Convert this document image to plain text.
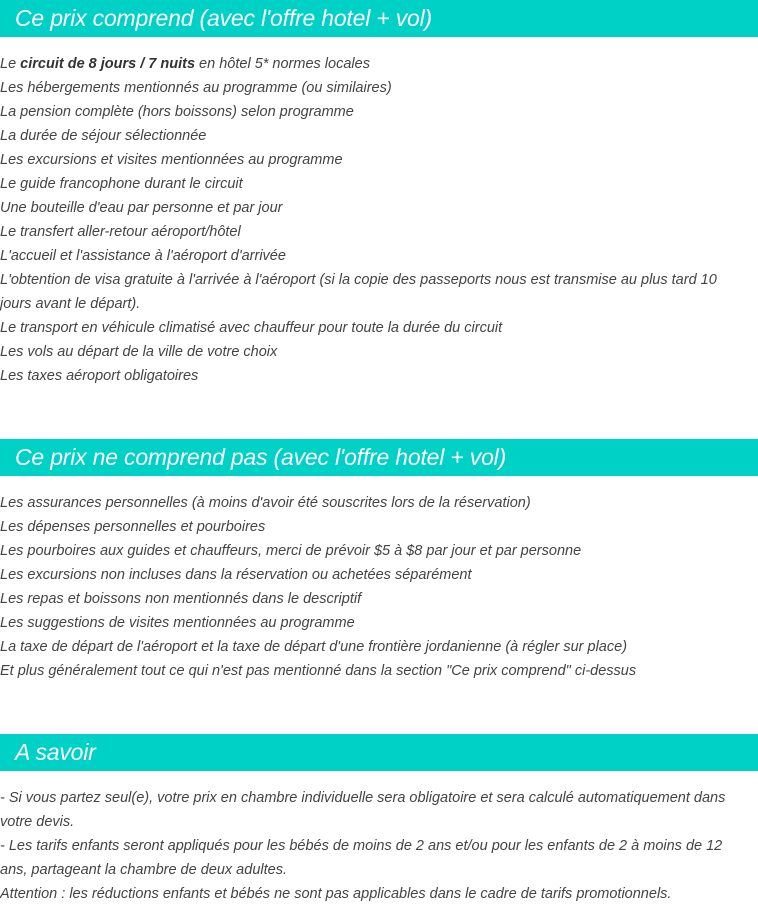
Ce prix comprend (avec l'offre hotel + vol)
Le circuit de 8 jours / 7 nuits en hôtel 5* normes locales
Les hébergements mentionnés au programme (ou similaires)
La pension complète (hors boissons) selon programme
La durée de séjour sélectionnée
Les excursions et visites mentionnées au programme
Le guide francophone durant le circuit
Une bouteille d'eau par personne et par jour
Le transfert aller-retour aéroport/hôtel
L'accueil et l'assistance à l'aéroport d'arrivée
L'obtention de visa gratuite à l'arrivée à l'aéroport (si la copie des passeports nous est transmise au plus tard 10 jours avant le départ).
Le transport en véhicule climatisé avec chauffeur pour toute la durée du circuit
Les vols au départ de la ville de votre choix
Les taxes aéroport obligatoires
Ce prix ne comprend pas (avec l'offre hotel + vol)
Les assurances personnelles (à moins d'avoir été souscrites lors de la réservation)
Les dépenses personnelles et pourboires
Les pourboires aux guides et chauffeurs, merci de prévoir $5 à $8 par jour et par personne
Les excursions non incluses dans la réservation ou achetées séparément
Les repas et boissons non mentionnés dans le descriptif
Les suggestions de visites mentionnées au programme
La taxe de départ de l'aéroport et la taxe de départ d'une frontière jordanienne (à régler sur place)
Et plus généralement tout ce qui n'est pas mentionné dans la section "Ce prix comprend" ci-dessus
A savoir
- Si vous partez seul(e), votre prix en chambre individuelle sera obligatoire et sera calculé automatiquement dans votre devis.
- Les tarifs enfants seront appliqués pour les bébés de moins de 2 ans et/ou pour les enfants de 2 à moins de 12 ans, partageant la chambre de deux adultes.
Attention : les réductions enfants et bébés ne sont pas applicables dans le cadre de tarifs promotionnels.
